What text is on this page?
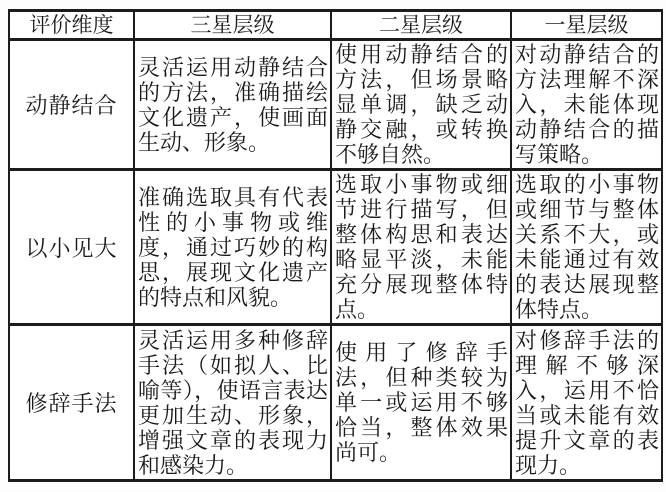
评价维度	三星层级	二星层级	一星层级
动静结合	灵活运用动静结合的方法，准确描绘文化遗产，使画面生动、形象。	使用动静结合的方法，但场景略显单调，缺乏动静交融，或转换不够自然。	对动静结合的方法理解不深入，未能体现动静结合的描写策略。
以小见大	准确选取具有代表性的小事物或维度，通过巧妙的构思，展现文化遗产的特点和风貌。	选取小事物或细节进行描写，但整体构思和表达略显平淡，未能充分展现整体特点。	选取的小事物或细节与整体关系不大，或未能通过有效的表达展现整体特点。
修辞手法	灵活运用多种修辞手法（如拟人、比喻等），使语言表达更加生动、形象，增强文章的表现力和感染力。	使用了修辞手法，但种类较为单一或运用不够恰当，整体效果尚可。	对修辞手法的理解不够深入，运用不恰当或未能有效提升文章的表现力。
